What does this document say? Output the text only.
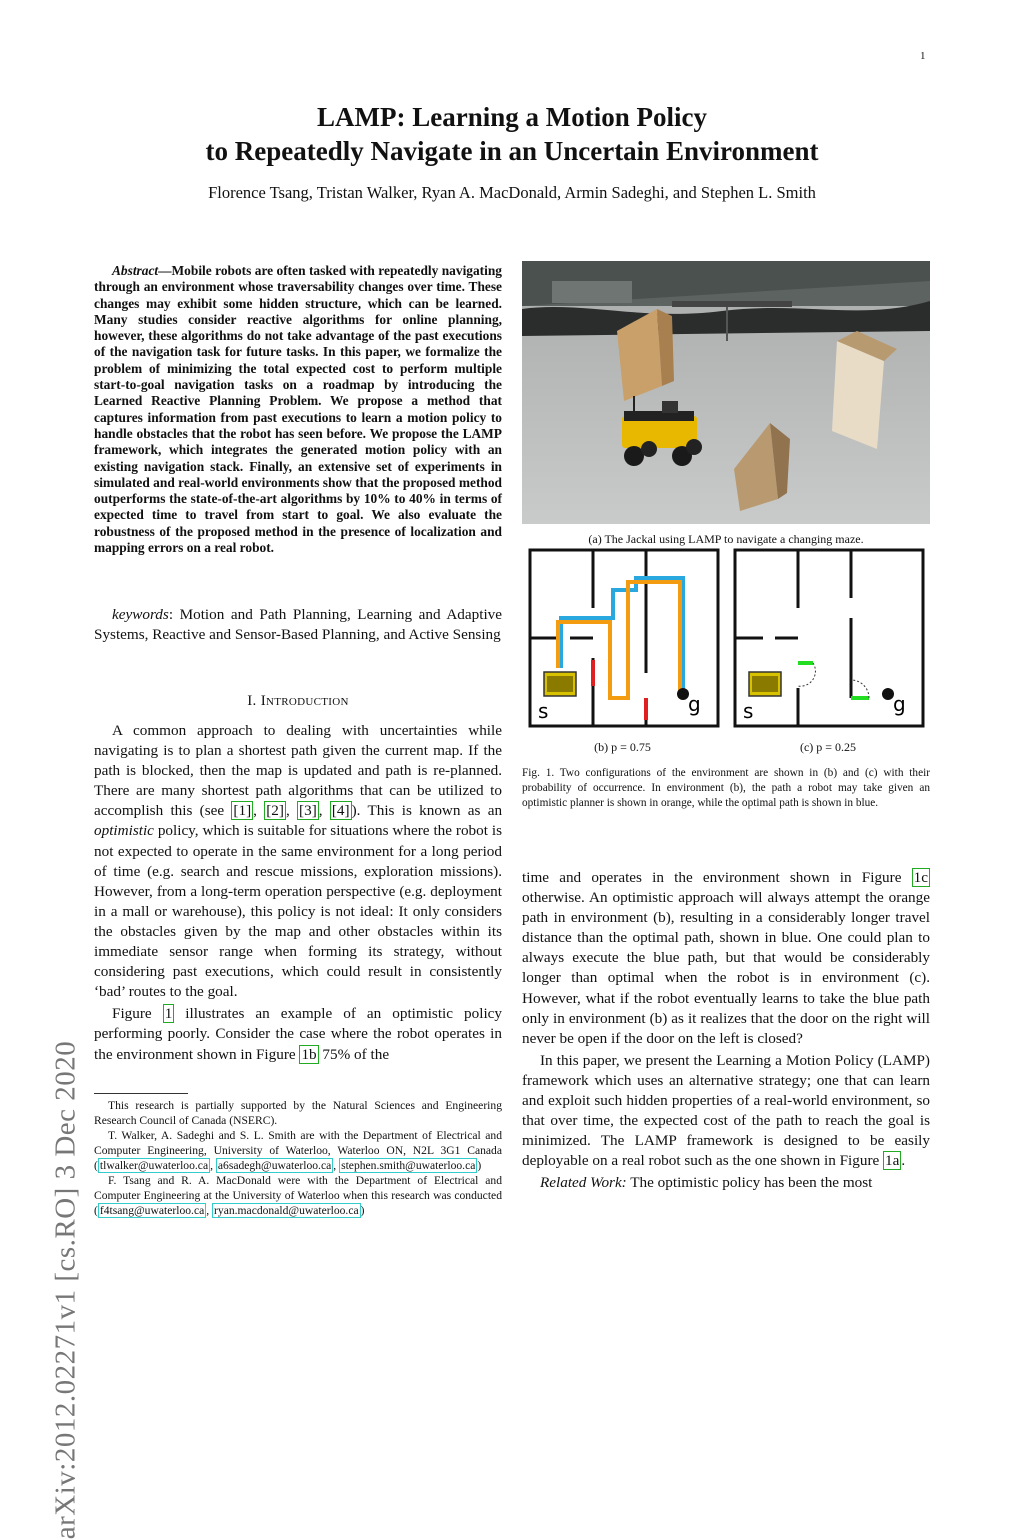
1
LAMP: Learning a Motion Policy
to Repeatedly Navigate in an Uncertain Environment
Florence Tsang, Tristan Walker, Ryan A. MacDonald, Armin Sadeghi, and Stephen L. Smith
arXiv:2012.02271v1 [cs.RO] 3 Dec 2020
Abstract—Mobile robots are often tasked with repeatedly navigating through an environment whose traversability changes over time. These changes may exhibit some hidden structure, which can be learned. Many studies consider reactive algorithms for online planning, however, these algorithms do not take advantage of the past executions of the navigation task for future tasks. In this paper, we formalize the problem of minimizing the total expected cost to perform multiple start-to-goal navigation tasks on a roadmap by introducing the Learned Reactive Planning Problem. We propose a method that captures information from past executions to learn a motion policy to handle obstacles that the robot has seen before. We propose the LAMP framework, which integrates the generated motion policy with an existing navigation stack. Finally, an extensive set of experiments in simulated and real-world environments show that the proposed method outperforms the state-of-the-art algorithms by 10% to 40% in terms of expected time to travel from start to goal. We also evaluate the robustness of the proposed method in the presence of localization and mapping errors on a real robot.
keywords: Motion and Path Planning, Learning and Adaptive Systems, Reactive and Sensor-Based Planning, and Active Sensing
I. Introduction

A common approach to dealing with uncertainties while navigating is to plan a shortest path given the current map. If the path is blocked, then the map is updated and path is re-planned. There are many shortest path algorithms that can be utilized to accomplish this (see [1] , [2] , [3] , [4] ). This is known as an optimistic policy, which is suitable for situations where the robot is not expected to operate in the same environment for a long period of time (e.g. search and rescue missions, exploration missions). However, from a long-term operation perspective (e.g. deployment in a mall or warehouse), this policy is not ideal: It only considers the obstacles given by the map and other obstacles within its immediate sensor range when forming its strategy, without considering past executions, which could result in consistently ‘bad’ routes to the goal.

Figure 1 illustrates an example of an optimistic policy performing poorly. Consider the case where the robot operates in the environment shown in Figure 1b 75% of the

This research is partially supported by the Natural Sciences and Engineering Research Council of Canada (NSERC).

T. Walker, A. Sadeghi and S. L. Smith are with the Department of Electrical and Computer Engineering, University of Waterloo, Waterloo ON, N2L 3G1 Canada ( tlwalker@uwaterloo.ca , a6sadegh@uwaterloo.ca , stephen.smith@uwaterloo.ca )

F. Tsang and R. A. MacDonald were with the Department of Electrical and Computer Engineering at the University of Waterloo when this research was conducted ( f4tsang@uwaterloo.ca , ryan.macdonald@uwaterloo.ca )

(a) The Jackal using LAMP to navigate a changing maze.
s	g s	g
(b) p = 0.75	(c) p = 0.25
Fig. 1. Two configurations of the environment are shown in (b) and (c) with their probability of occurrence. In environment (b), the path a robot may take given an optimistic planner is shown in orange, while the optimal path is shown in blue.

time and operates in the environment shown in Figure 1c otherwise. An optimistic approach will always attempt the orange path in environment (b), resulting in a considerably longer travel distance than the optimal path, shown in blue. One could plan to always execute the blue path, but that would be considerably longer than optimal when the robot is in environment (c). However, what if the robot eventually learns to take the blue path only in environment (b) as it realizes that the door on the right will never be open if the door on the left is closed?

In this paper, we present the Learning a Motion Policy (LAMP) framework which uses an alternative strategy; one that can learn and exploit such hidden properties of a real-world environment, so that over time, the expected cost of the path to reach the goal is minimized. The LAMP framework is designed to be easily deployable on a real robot such as the one shown in Figure 1a .

Related Work: The optimistic policy has been the most
